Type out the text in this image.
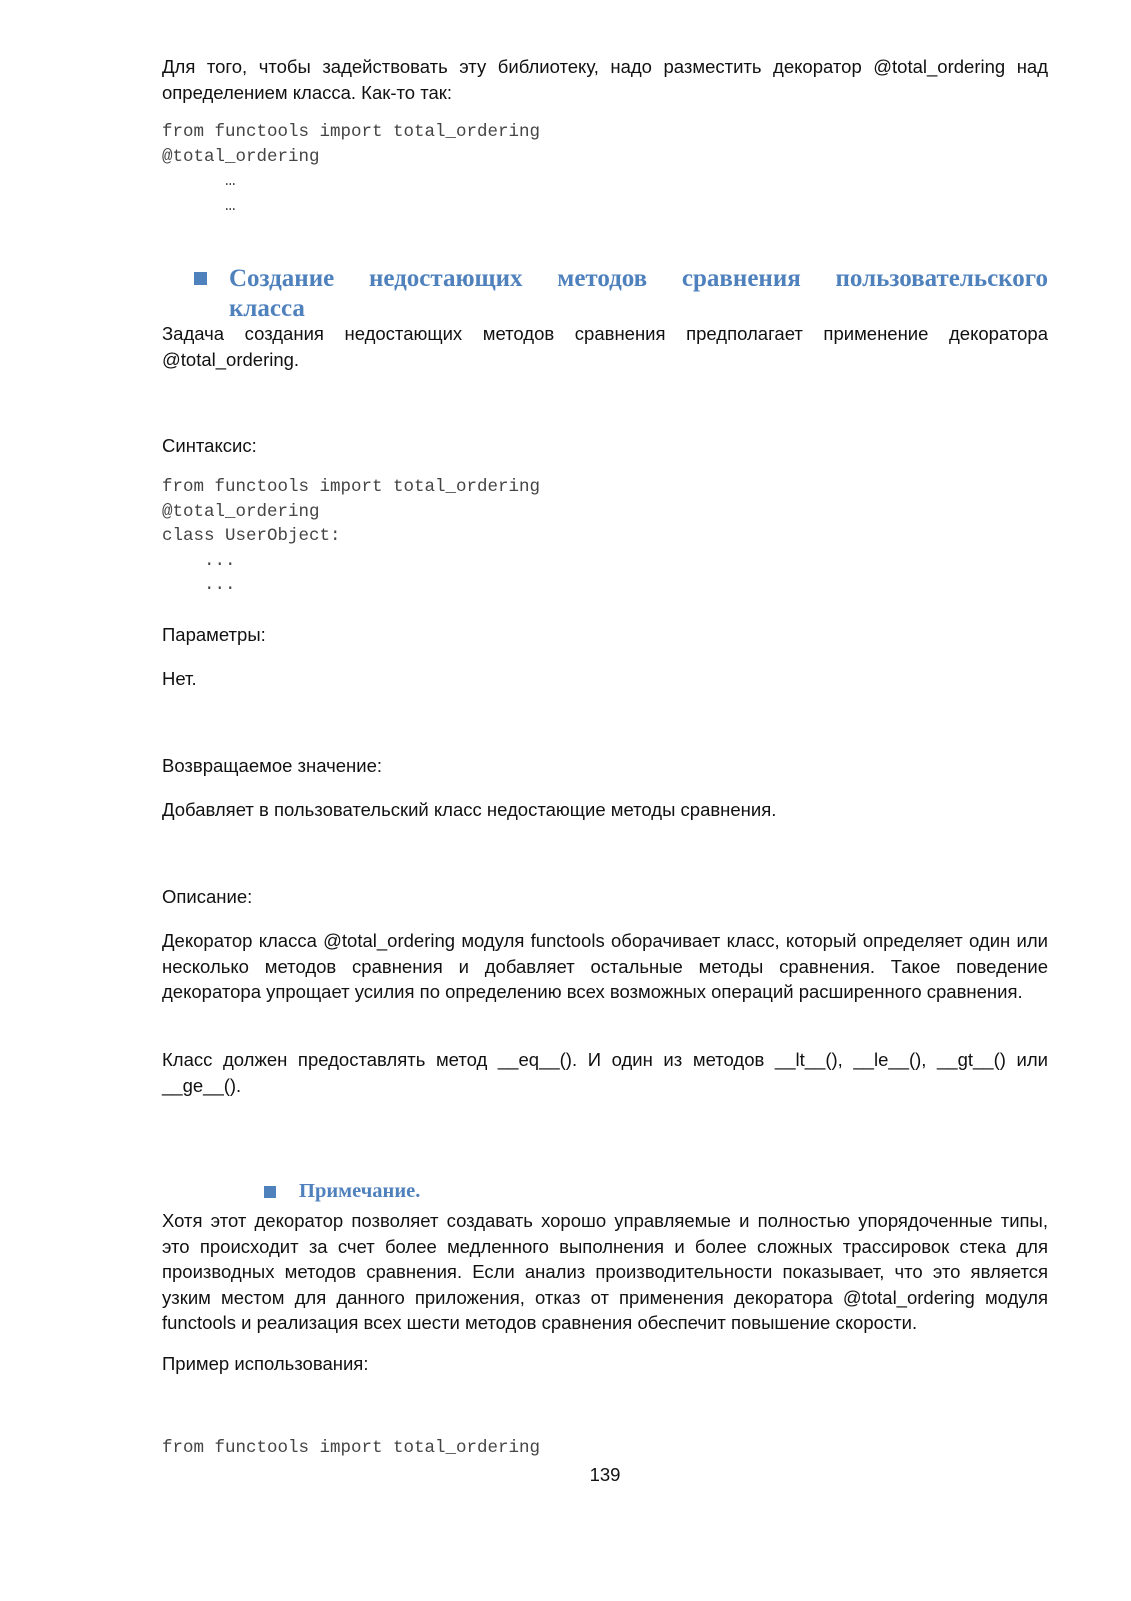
Для того, чтобы задействовать эту библиотеку, надо разместить декоратор @total_ordering над определением класса. Как-то так:

from functools import total_ordering
@total_ordering
…
…
Создание недостающих методов сравнения пользовательского
класса

Задача создания недостающих методов сравнения предполагает применение декоратора @total_ordering.

Синтаксис:

from functools import total_ordering
@total_ordering
class UserObject:
...
...

Параметры:

Нет.

Возвращаемое значение:

Добавляет в пользовательский класс недостающие методы сравнения.

Описание:

Декоратор класса @total_ordering модуля functools оборачивает класс, который определяет один или несколько методов сравнения и добавляет остальные методы сравнения. Такое поведение декоратора упрощает усилия по определению всех возможных операций расширенного сравнения.

Класс должен предоставлять метод __eq__(). И один из методов __lt__(), __le__(), __gt__() или __ge__().

Примечание.

Хотя этот декоратор позволяет создавать хорошо управляемые и полностью упорядоченные типы, это происходит за счет более медленного выполнения и более сложных трассировок стека для производных методов сравнения. Если анализ производительности показывает, что это является узким местом для данного приложения, отказ от применения декоратора @total_ordering модуля functools и реализация всех шести методов сравнения обеспечит повышение скорости.

Пример использования:

from functools import total_ordering
139
